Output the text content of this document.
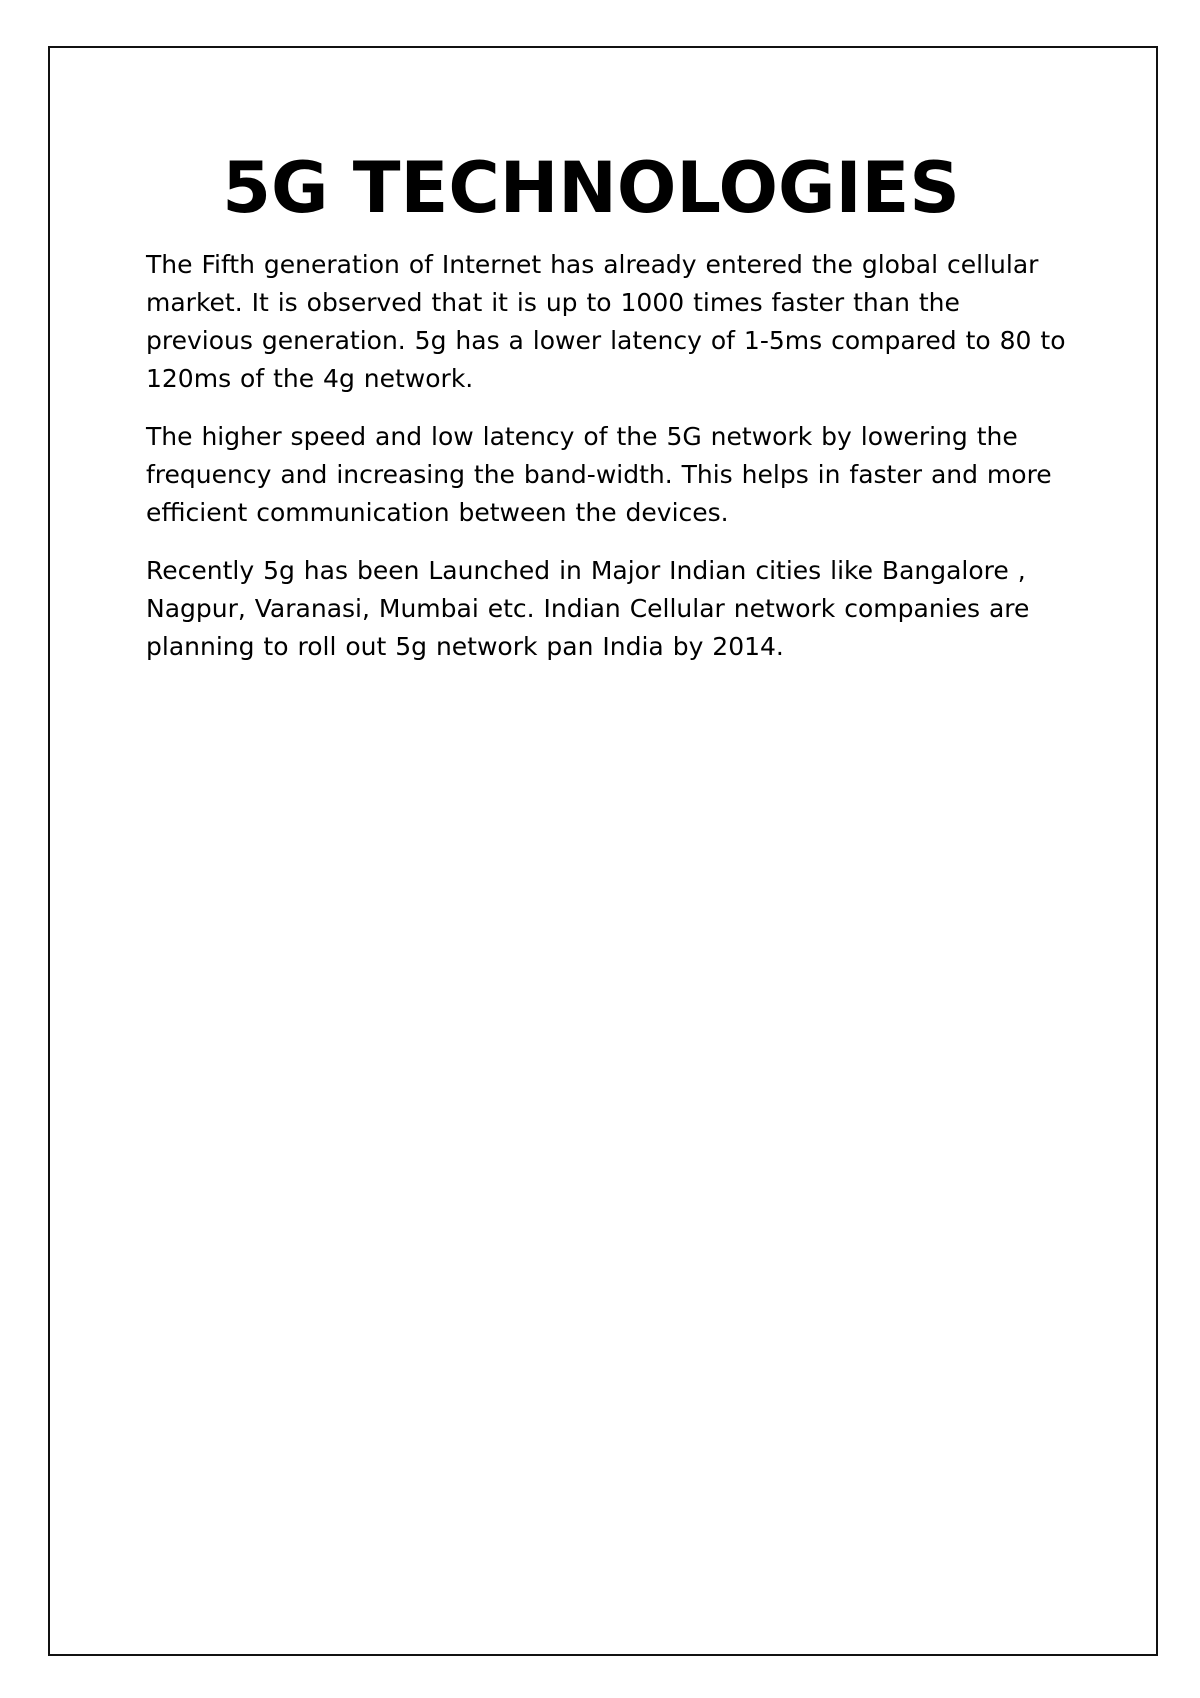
5G TECHNOLOGIES

The Fifth generation of Internet has already entered the global cellular market. It is observed that it is up to 1000 times faster than the previous generation. 5g has a lower latency of 1-5ms compared to 80 to 120ms of the 4g network.

The higher speed and low latency of the 5G network by lowering the frequency and increasing the band-width. This helps in faster and more efficient communication between the devices.

Recently 5g has been Launched in Major Indian cities like Bangalore , Nagpur, Varanasi, Mumbai etc. Indian Cellular network companies are planning to roll out 5g network pan India by 2014.
